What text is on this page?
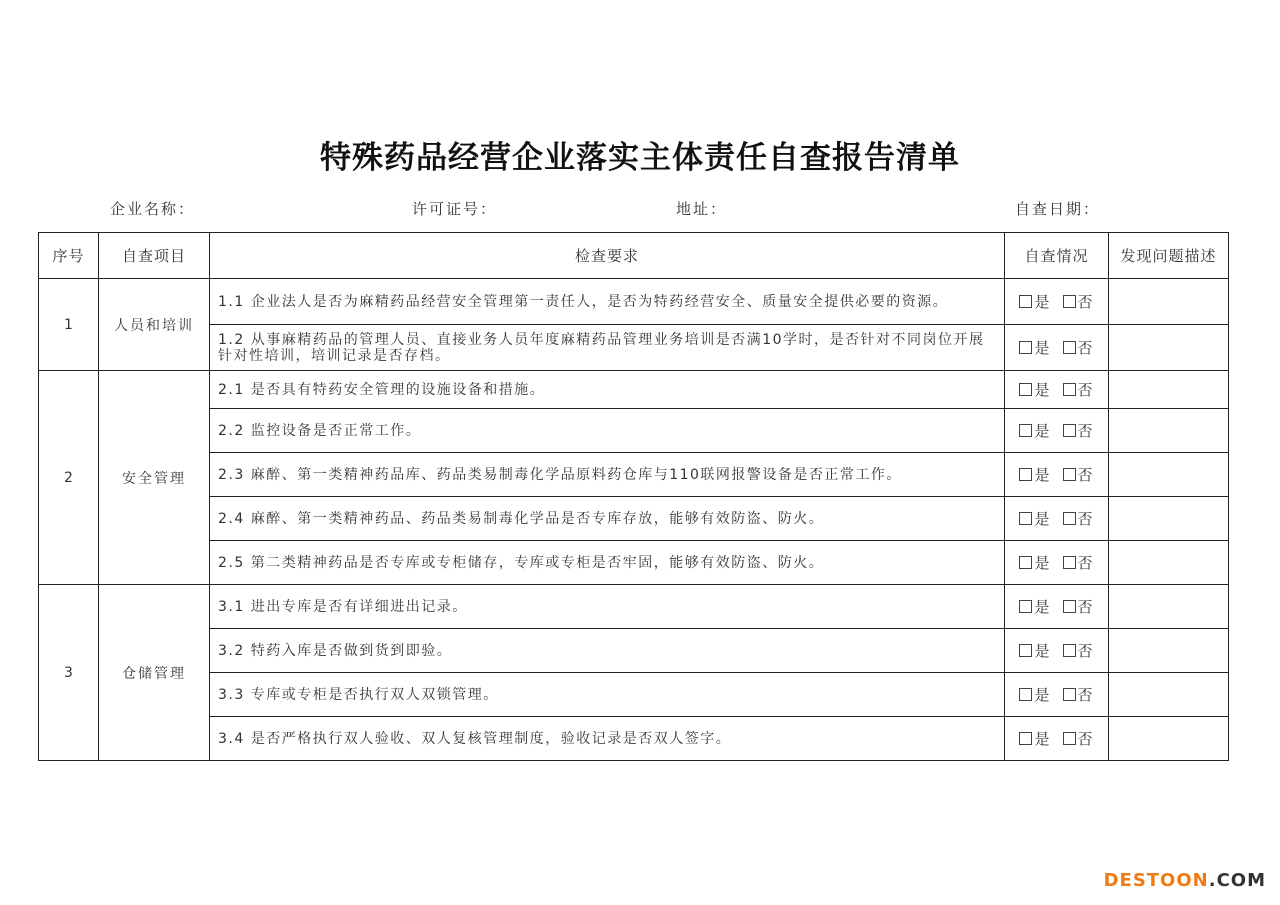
特殊药品经营企业落实主体责任自查报告清单
企业名称：	许可证号：	地址：	自查日期：
序号	自查项目	检查要求	自查情况	发现问题描述
1	人员和培训	1.1 企业法人是否为麻精药品经营安全管理第一责任人，是否为特药经营安全、质量安全提供必要的资源。	是 否	
		1.2 从事麻精药品的管理人员、直接业务人员年度麻精药品管理业务培训是否满10学时，是否针对不同岗位开展针对性培训，培训记录是否存档。	是 否	
2	安全管理	2.1 是否具有特药安全管理的设施设备和措施。	是 否	
		2.2 监控设备是否正常工作。	是 否	
		2.3 麻醉、第一类精神药品库、药品类易制毒化学品原料药仓库与110联网报警设备是否正常工作。	是 否	
		2.4 麻醉、第一类精神药品、药品类易制毒化学品是否专库存放，能够有效防盗、防火。	是 否	
		2.5 第二类精神药品是否专库或专柜储存，专库或专柜是否牢固，能够有效防盗、防火。	是 否	
3	仓储管理	3.1 进出专库是否有详细进出记录。	是 否	
		3.2 特药入库是否做到货到即验。	是 否	
		3.3 专库或专柜是否执行双人双锁管理。	是 否	
		3.4 是否严格执行双人验收、双人复核管理制度，验收记录是否双人签字。	是 否	
DESTOON.COM
